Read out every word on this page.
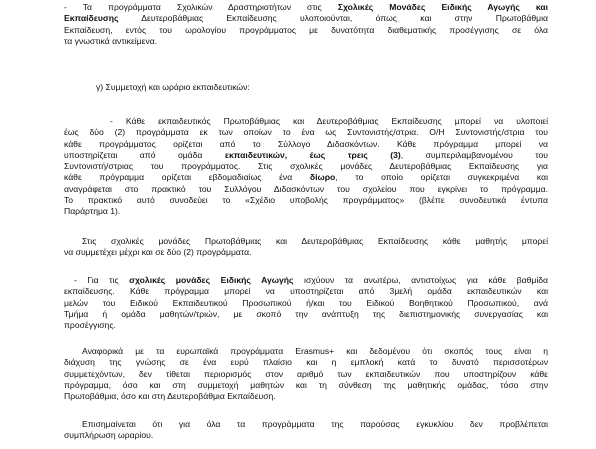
- Τα προγράμματα Σχολικών Δραστηριοτήτων στις Σχολικές Μονάδες Ειδικής Αγωγής και
Εκπαίδευσης Δευτεροβάθμιας Εκπαίδευσης υλοποιούνται, όπως και στην Πρωτοβάθμια
Εκπαίδευση, εντός του ωρολογίου προγράμματος με δυνατότητα διαθεματικής προσέγγισης σε όλα
τα γνωστικά αντικείμενα.
γ) Συμμετοχή και ωράριο εκπαιδευτικών:
- Κάθε εκπαιδευτικός Πρωτοβάθμιας και Δευτεροβάθμιας Εκπαίδευσης μπορεί να υλοποιεί
έως δύο (2) προγράμματα εκ των οποίων το ένα ως Συντονιστής/στρια. Ο/Η Συντονιστής/στρια του
κάθε προγράμματος ορίζεται από το Σύλλογο Διδασκόντων. Κάθε πρόγραμμα μπορεί να
υποστηρίζεται από ομάδα εκπαιδευτικών, έως τρεις (3), συμπεριλαμβανομένου του
Συντονιστή/στριας του προγράμματος. Στις σχολικές μονάδες Δευτεροβάθμιας Εκπαίδευσης για
κάθε πρόγραμμα ορίζεται εβδομαδιαίως ένα δίωρο, το οποίο ορίζεται συγκεκριμένα και
αναγράφεται στο πρακτικό του Συλλόγου Διδασκόντων του σχολείου που εγκρίνει το πρόγραμμα.
Το πρακτικό αυτό συνοδεύει το «Σχέδιο υποβολής προγράμματος» (βλέπε συνοδευτικά έντυπα
Παράρτημα 1).
Στις σχολικές μονάδες Πρωτοβάθμιας και Δευτεροβάθμιας Εκπαίδευσης κάθε μαθητής μπορεί
να συμμετέχει μέχρι και σε δύο (2) προγράμματα.
- Για τις σχολικές μονάδες Ειδικής Αγωγής ισχύουν τα ανωτέρω, αντιστοίχως για κάθε βαθμίδα
εκπαίδευσης. Κάθε πρόγραμμα μπορεί να υποστηρίζεται από 3μελή ομάδα εκπαιδευτικών και
μελών του Ειδικού Εκπαιδευτικού Προσωπικού ή/και του Ειδικού Βοηθητικού Προσωπικού, ανά
Τμήμα ή ομάδα μαθητών/τριών, με σκοπό την ανάπτυξη της διεπιστημονικής συνεργασίας και
προσέγγισης.
Αναφορικά με τα ευρωπαϊκά προγράμματα Erasmus+ και δεδομένου ότι σκοπός τους είναι η
διάχυση της γνώσης σε ένα ευρύ πλαίσιο και η εμπλοκή κατά το δυνατό περισσοτέρων
συμμετεχόντων, δεν τίθεται περιορισμός στον αριθμό των εκπαιδευτικών που υποστηρίζουν κάθε
πρόγραμμα, όσο και στη συμμετοχή μαθητών και τη σύνθεση της μαθητικής ομάδας, τόσο στην
Πρωτοβάθμια, όσο και στη Δευτεροβάθμια Εκπαίδευση.
Επισημαίνεται ότι για όλα τα προγράμματα της παρούσας εγκυκλίου δεν προβλέπεται
συμπλήρωση ωραρίου.
